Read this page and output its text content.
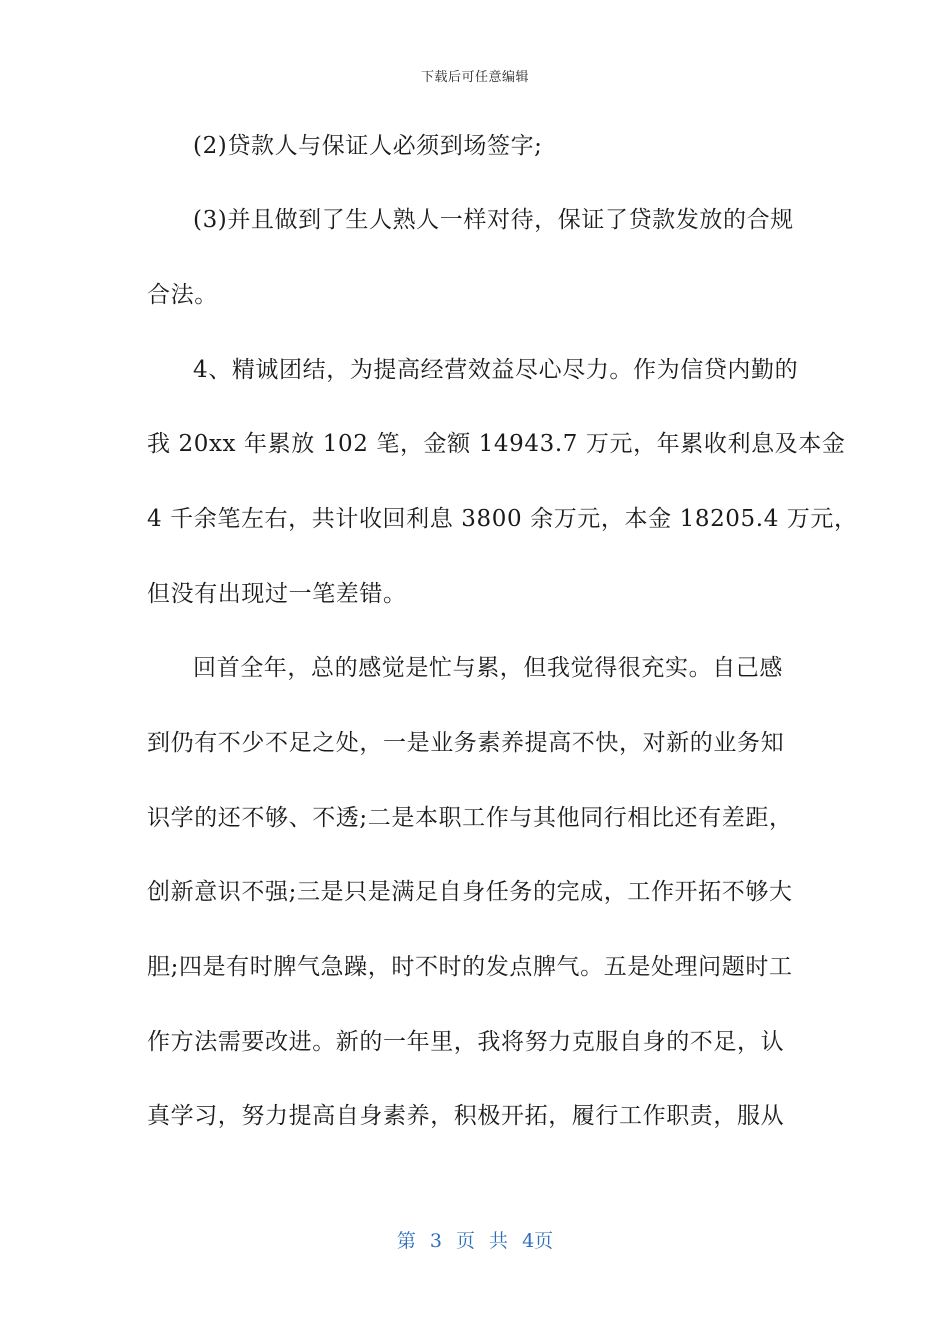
下载后可任意编辑
(2)贷款人与保证人必须到场签字;
(3)并且做到了生人熟人一样对待，保证了贷款发放的合规
合法。
4、精诚团结，为提高经营效益尽心尽力。作为信贷内勤的
我 20xx 年累放 102 笔，金额 14943.7 万元，年累收利息及本金
4 千余笔左右，共计收回利息 3800 余万元，本金 18205.4 万元，
但没有出现过一笔差错。
回首全年，总的感觉是忙与累，但我觉得很充实。自己感
到仍有不少不足之处，一是业务素养提高不快，对新的业务知
识学的还不够、不透;二是本职工作与其他同行相比还有差距，
创新意识不强;三是只是满足自身任务的完成，工作开拓不够大
胆;四是有时脾气急躁，时不时的发点脾气。五是处理问题时工
作方法需要改进。新的一年里，我将努力克服自身的不足，认
真学习，努力提高自身素养，积极开拓，履行工作职责，服从
第 3 页 共 4页
